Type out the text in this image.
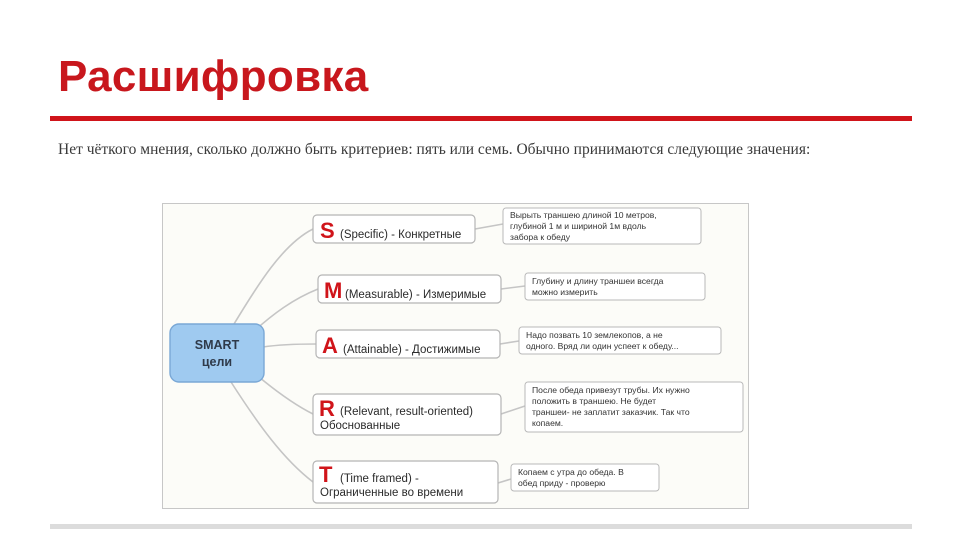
Расшифровка
Нет чёткого мнения, сколько должно быть критериев: пять или семь. Обычно принимаются следующие значения:
SMART
цели
S (Specific) - Конкретные
Вырыть траншею длиной 10 метров,
глубиной 1 м и шириной 1м вдоль
забора к обеду
M (Measurable) - Измеримые
Глубину и длину траншеи всегда
можно измерить
A (Attainable) - Достижимые
Надо позвать 10 землекопов, а не
одного. Вряд ли один успеет к обеду...
R (Relevant, result-oriented)
Обоснованные
После обеда привезут трубы. Их нужно
положить в траншею. Не будет
траншеи- не заплатит заказчик. Так что
копаем.
T (Time framed) -
Ограниченные во времени
Копаем с утра до обеда. В
обед приду - проверю
